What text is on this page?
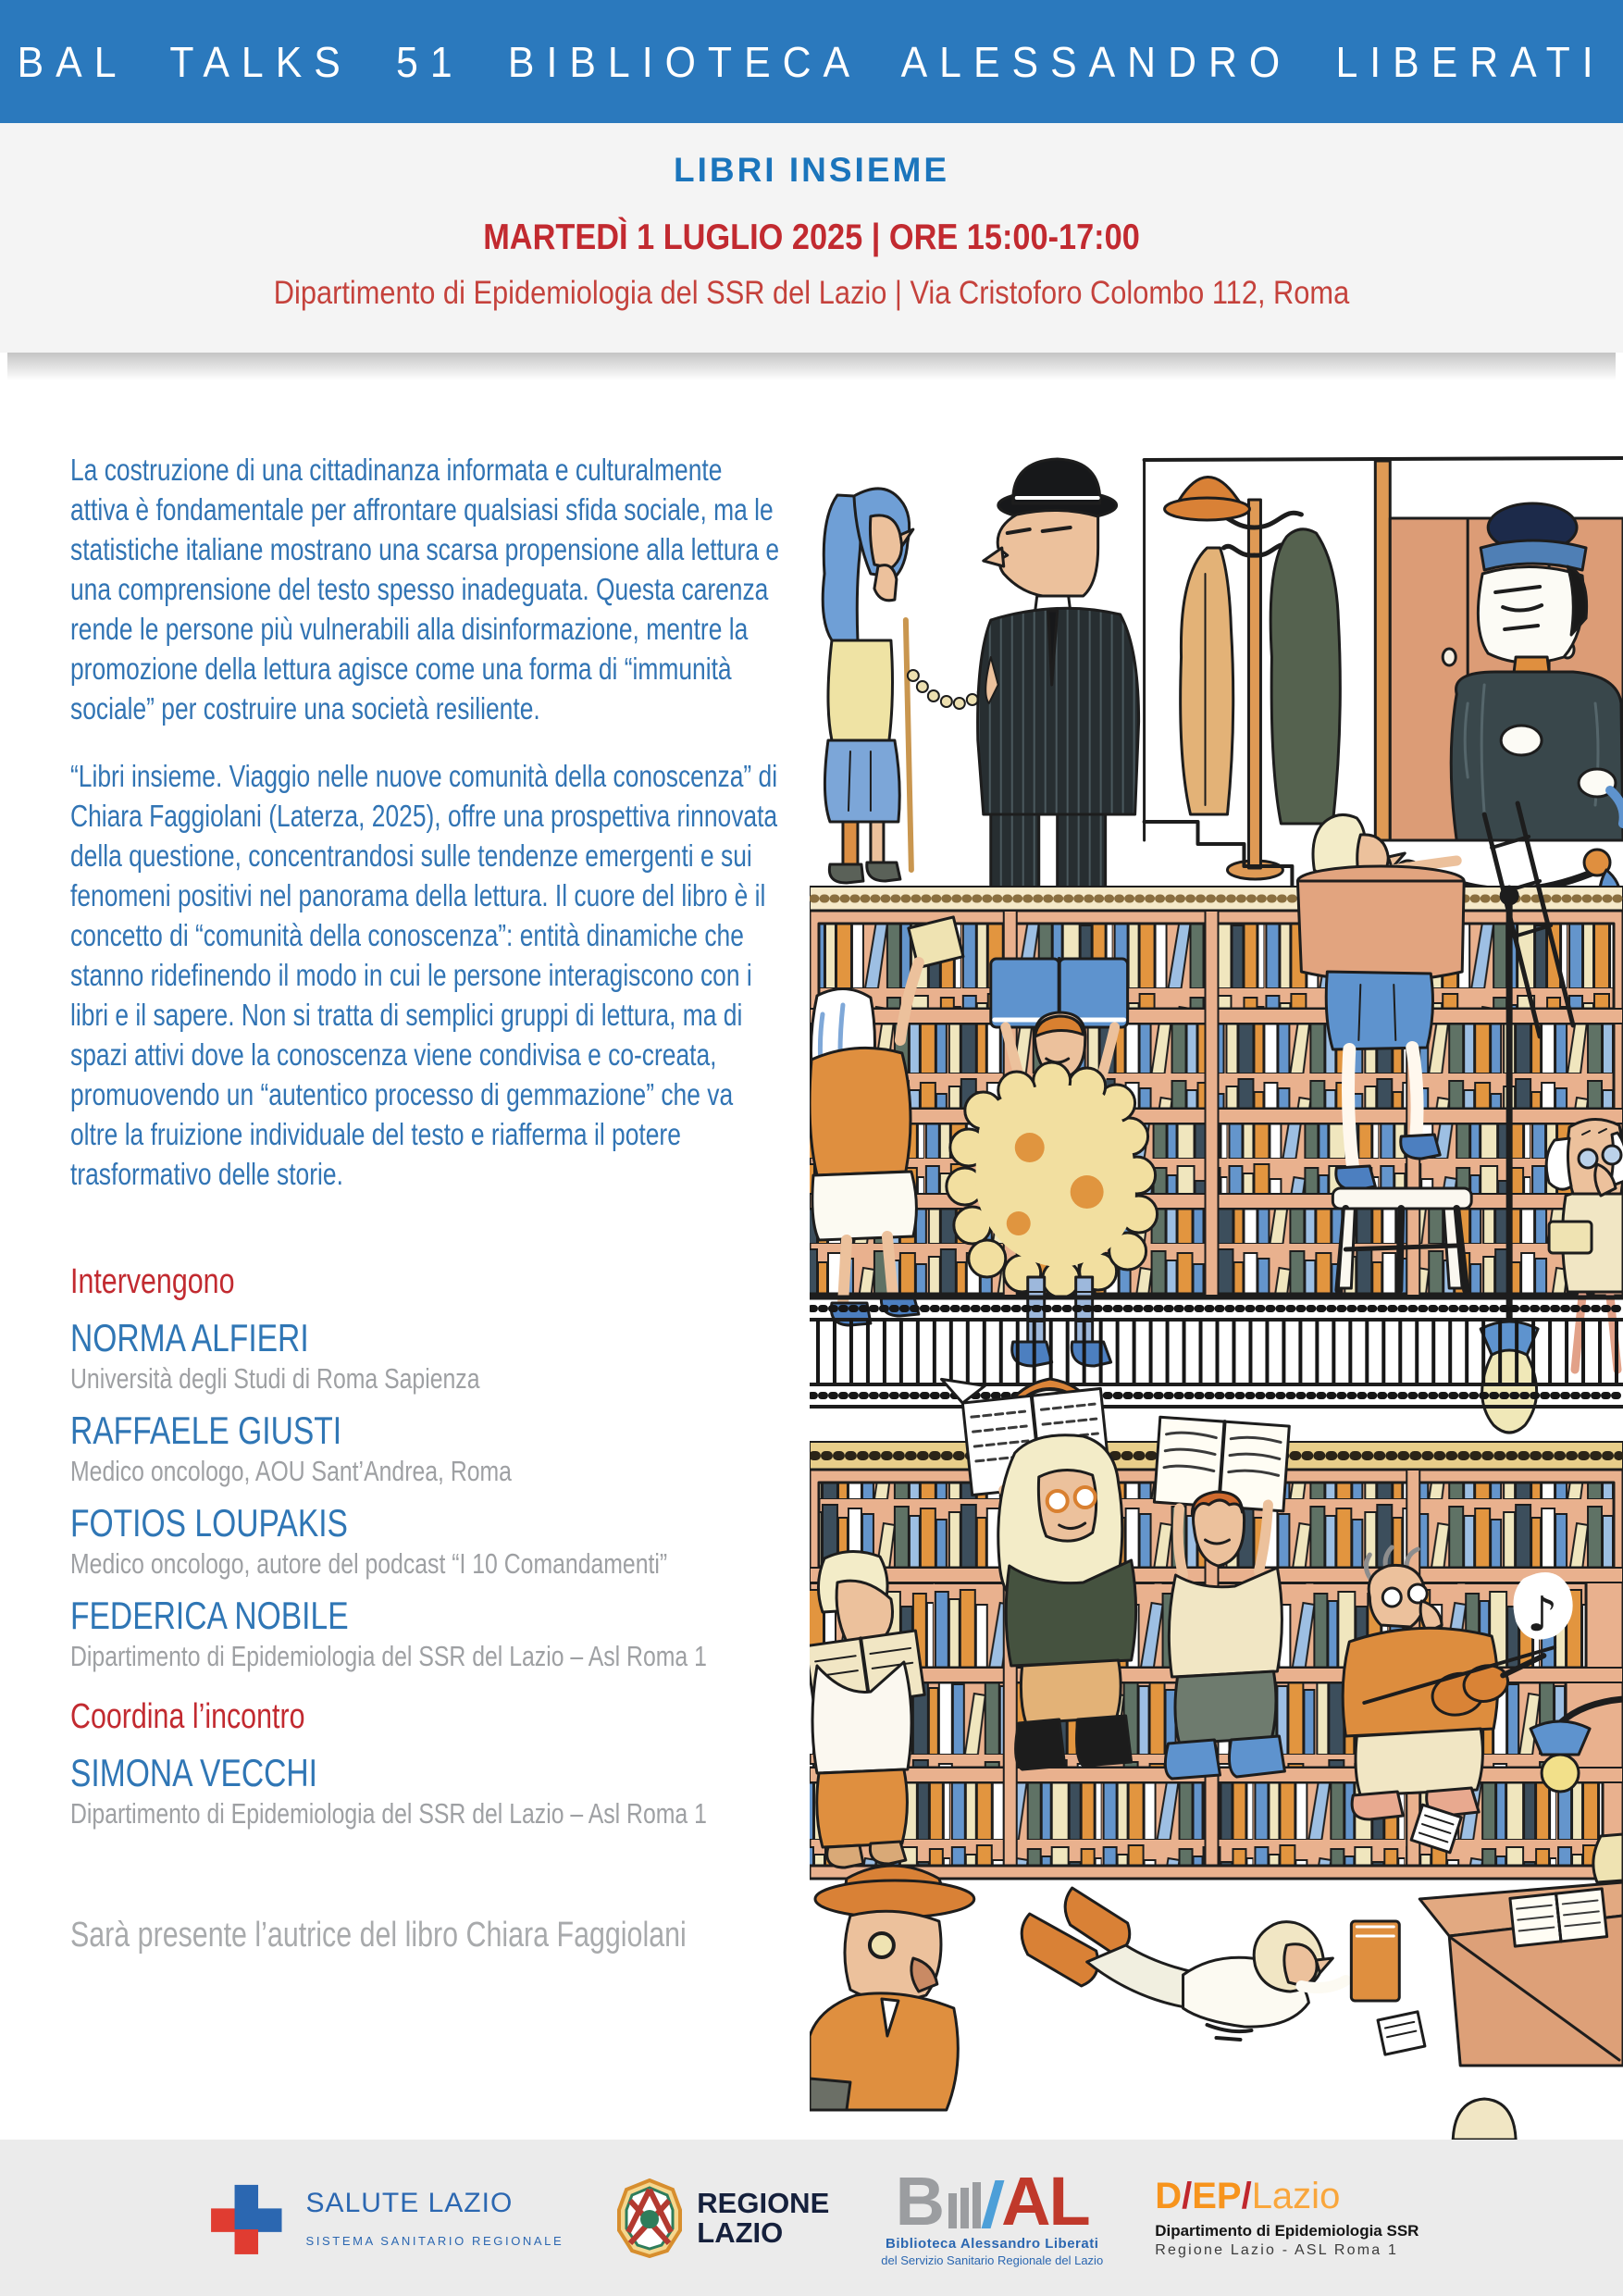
BAL TALKS 51 BIBLIOTECA ALESSANDRO LIBERATI
LIBRI INSIEME
MARTEDÌ 1 LUGLIO 2025 | ORE 15:00-17:00
Dipartimento di Epidemiologia del SSR del Lazio | Via Cristoforo Colombo 112, Roma

La costruzione di una cittadinanza informata e culturalmente attiva è fondamentale per affrontare qualsiasi sfida sociale, ma le statistiche italiane mostrano una scarsa propensione alla lettura e una comprensione del testo spesso inadeguata. Questa carenza rende le persone più vulnerabili alla disinformazione, mentre la promozione della lettura agisce come una forma di “immunità sociale” per costruire una società resiliente.

“Libri insieme. Viaggio nelle nuove comunità della conoscenza” di Chiara Faggiolani (Laterza, 2025), offre una prospettiva rinnovata della questione, concentrandosi sulle tendenze emergenti e sui fenomeni positivi nel panorama della lettura. Il cuore del libro è il concetto di “comunità della conoscenza”: entità dinamiche che stanno ridefinendo il modo in cui le persone interagiscono con i libri e il sapere. Non si tratta di semplici gruppi di lettura, ma di spazi attivi dove la conoscenza viene condivisa e co-creata, promuovendo un “autentico processo di gemmazione” che va oltre la fruizione individuale del testo e riafferma il potere trasformativo delle storie.

Intervengono
NORMA ALFIERI
Università degli Studi di Roma Sapienza
RAFFAELE GIUSTI
Medico oncologo, AOU Sant’Andrea, Roma
FOTIOS LOUPAKIS
Medico oncologo, autore del podcast “I 10 Comandamenti”
FEDERICA NOBILE
Dipartimento di Epidemiologia del SSR del Lazio – Asl Roma 1
Coordina l’incontro
SIMONA VECCHI
Dipartimento di Epidemiologia del SSR del Lazio – Asl Roma 1
Sarà presente l’autrice del libro Chiara Faggiolani
♪
SALUTE LAZIO
SISTEMA SANITARIO REGIONALE
REGIONE
LAZIO	B AL
Biblioteca Alessandro Liberati
del Servizio Sanitario Regionale del Lazio
D/EP/Lazio
Dipartimento di Epidemiologia SSR
Regione Lazio - ASL Roma 1
